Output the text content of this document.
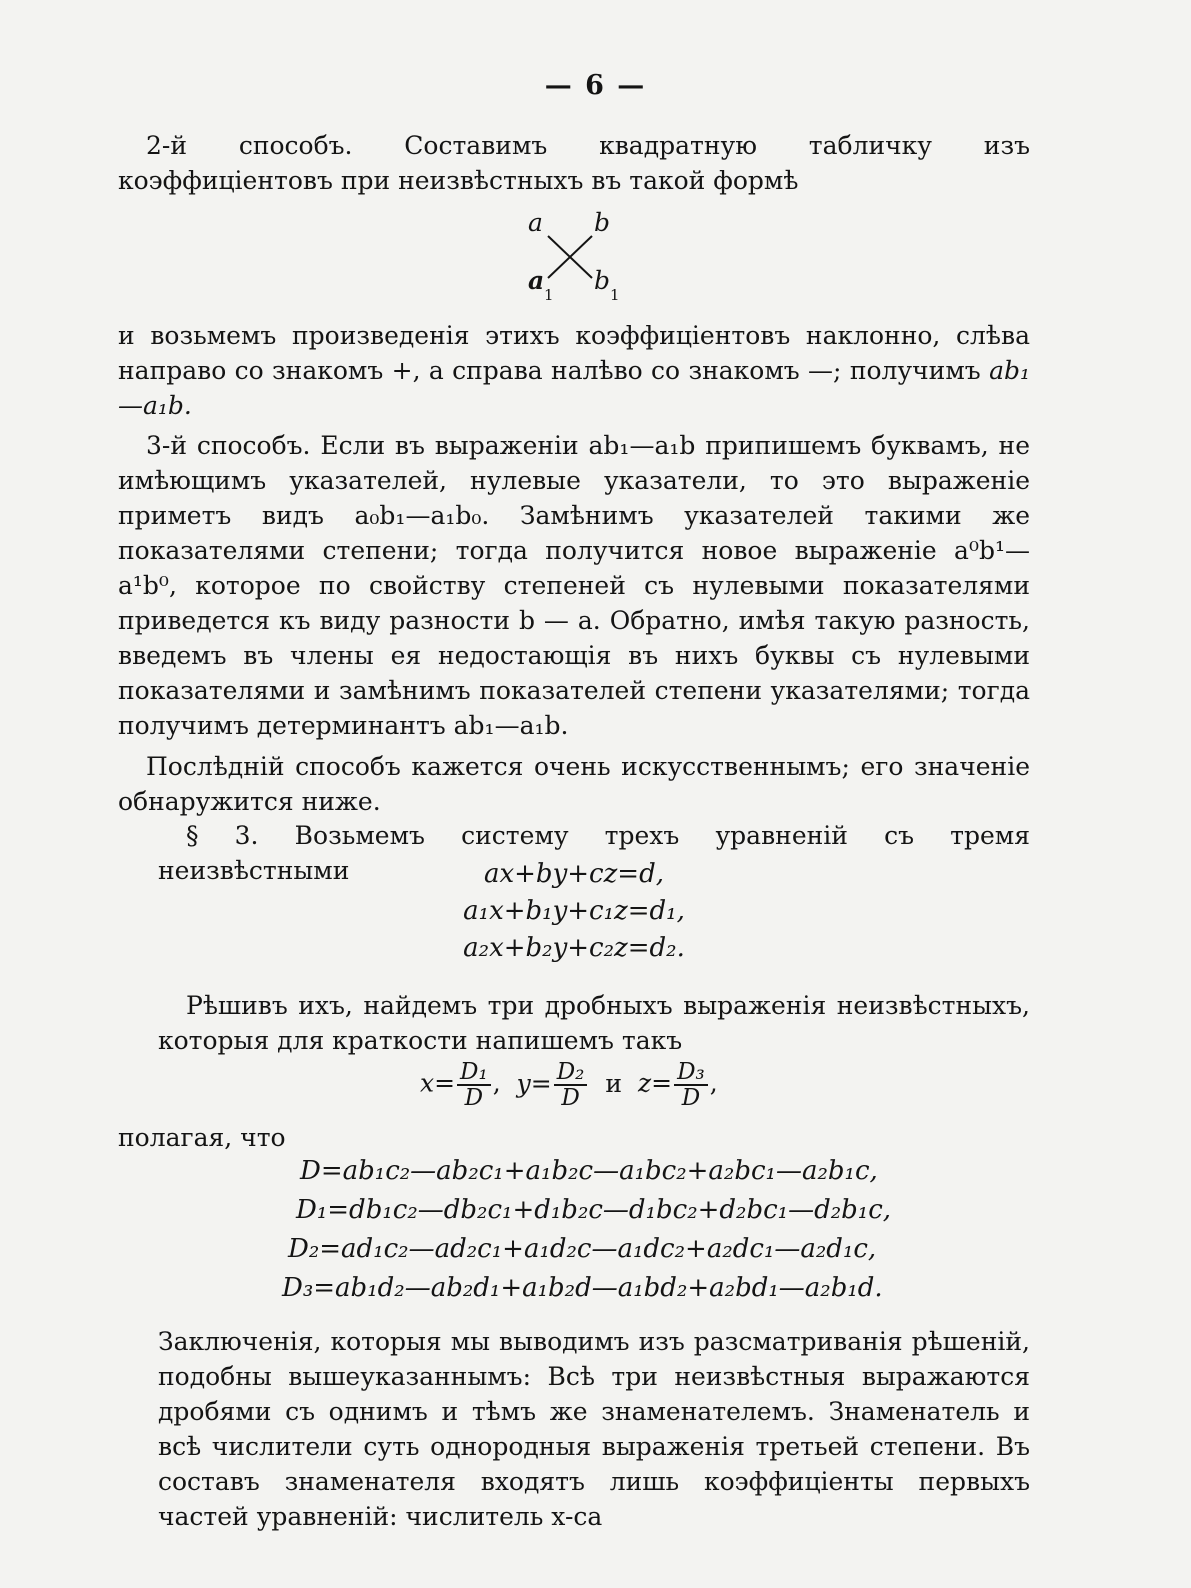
— 6 —

2-й способъ. Составимъ квадратную табличку изъ коэффиціентовъ при неизвѣстныхъ въ такой формѣ

a b
a 1 b 1

и возьмемъ произведенія этихъ коэффиціентовъ наклонно, слѣва направо со знакомъ +, а справа налѣво со знакомъ —; получимъ ab₁—a₁b.

3-й способъ. Если въ выраженіи ab₁—a₁b припишемъ буквамъ, не имѣющимъ указателей, нулевые указатели, то это выраженіе приметъ видъ a₀b₁—a₁b₀. Замѣнимъ указателей такими же показателями степени; тогда получится новое выраженіе a⁰b¹—a¹b⁰, которое по свойству степеней съ нулевыми показателями приведется къ виду разности b — a. Обратно, имѣя такую разность, введемъ въ члены ея недостающія въ нихъ буквы съ нулевыми показателями и замѣнимъ показателей степени указателями; тогда получимъ детерминантъ ab₁—a₁b.

Послѣдній способъ кажется очень искусственнымъ; его значеніе обнаружится ниже.

§ 3. Возьмемъ систему трехъ уравненій съ тремя неизвѣстными	ax+by+cz=d,
a₁x+b₁y+c₁z=d₁,
a₂x+b₂y+c₂z=d₂.

Рѣшивъ ихъ, найдемъ три дробныхъ выраженія неизвѣстныхъ, которыя для краткости напишемъ такъ

$x= \frac{\text{D₁}}{D}$ , $y= \frac{\text{D₂}}{D}$ и $z= \frac{\text{D₃}}{D}$ ,

полагая, что

D=ab₁c₂—ab₂c₁+a₁b₂c—a₁bc₂+a₂bc₁—a₂b₁c,
D₁=db₁c₂—db₂c₁+d₁b₂c—d₁bc₂+d₂bc₁—d₂b₁c,
D₂=ad₁c₂—ad₂c₁+a₁d₂c—a₁dc₂+a₂dc₁—a₂d₁c,
D₃=ab₁d₂—ab₂d₁+a₁b₂d—a₁bd₂+a₂bd₁—a₂b₁d.

Заключенія, которыя мы выводимъ изъ разсматриванія рѣшеній, подобны вышеуказаннымъ: Всѣ три неизвѣстныя выражаются дробями съ однимъ и тѣмъ же знаменателемъ. Знаменатель и всѣ числители суть однородныя выраженія третьей степени. Въ составъ знаменателя входятъ лишь коэффиціенты первыхъ частей уравненій: числитель x-са
